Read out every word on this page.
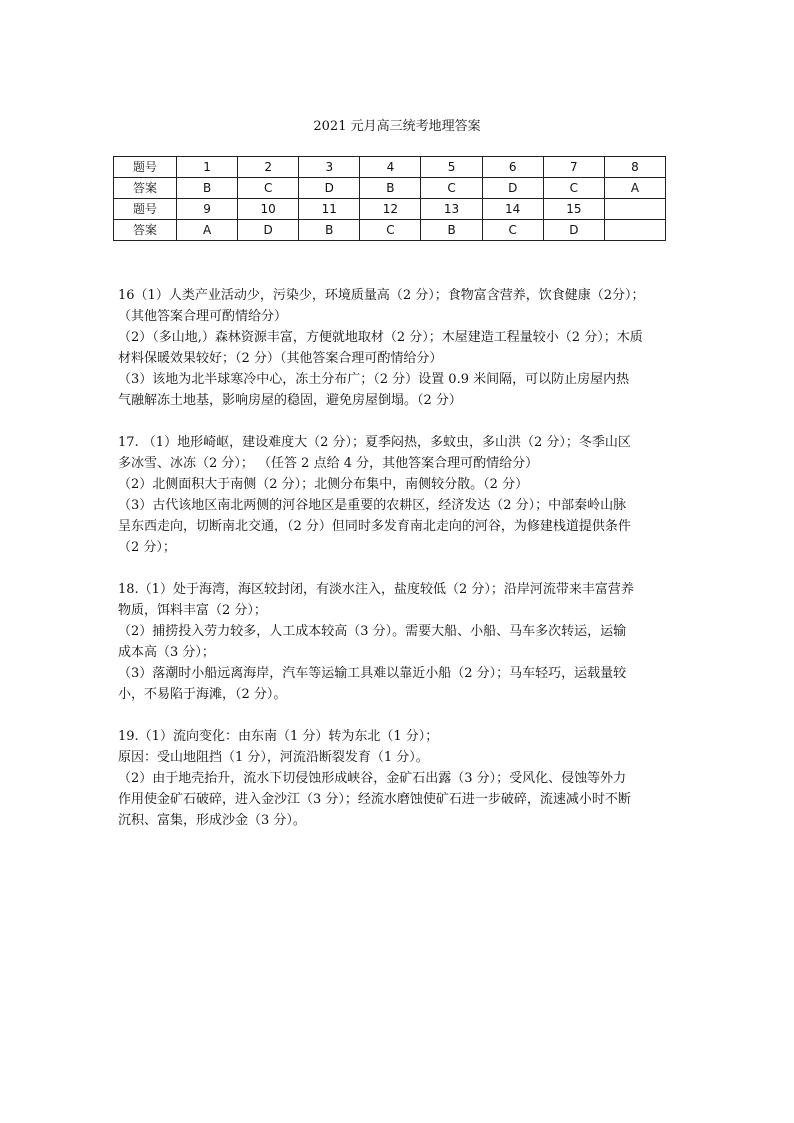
2021 元月高三统考地理答案
题号	1	2	3	4	5	6	7	8
答案	B	C	D	B	C	D	C	A
题号	9	10	11	12	13	14	15	
答案	A	D	B	C	B	C	D	
16（1）人类产业活动少，污染少，环境质量高（2 分）；食物富含营养，饮食健康（2分）；
（其他答案合理可酌情给分）
（2）（多山地,）森林资源丰富，方便就地取材（2 分）；木屋建造工程量较小（2 分）；木质
材料保暖效果较好；（2 分）（其他答案合理可酌情给分）
（3）该地为北半球寒冷中心，冻土分布广；（2 分）设置 0.9 米间隔，可以防止房屋内热
气融解冻土地基，影响房屋的稳固，避免房屋倒塌。（2 分）
17. （1）地形崎岖，建设难度大（2 分）；夏季闷热，多蚊虫，多山洪（2 分）；冬季山区
多冰雪、冰冻（2 分）； （任答 2 点给 4 分，其他答案合理可酌情给分）
（2）北侧面积大于南侧（2 分）；北侧分布集中，南侧较分散。（2 分）
（3）古代该地区南北两侧的河谷地区是重要的农耕区，经济发达（2 分）；中部秦岭山脉
呈东西走向，切断南北交通，（2 分）但同时多发育南北走向的河谷，为修建栈道提供条件
（2 分）；
18.（1）处于海湾，海区较封闭，有淡水注入，盐度较低（2 分）；沿岸河流带来丰富营养
物质，饵料丰富（2 分）；
（2）捕捞投入劳力较多，人工成本较高（3 分）。需要大船、小船、马车多次转运，运输
成本高（3 分）；
（3）落潮时小船远离海岸，汽车等运输工具难以靠近小船（2 分）；马车轻巧，运载量较
小，不易陷于海滩，（2 分）。
19.（1）流向变化：由东南（1 分）转为东北（1 分）；
原因：受山地阻挡（1 分），河流沿断裂发育（1 分）。
（2）由于地壳抬升，流水下切侵蚀形成峡谷，金矿石出露（3 分）；受风化、侵蚀等外力
作用使金矿石破碎，进入金沙江（3 分）；经流水磨蚀使矿石进一步破碎，流速减小时不断
沉积、富集，形成沙金（3 分）。
